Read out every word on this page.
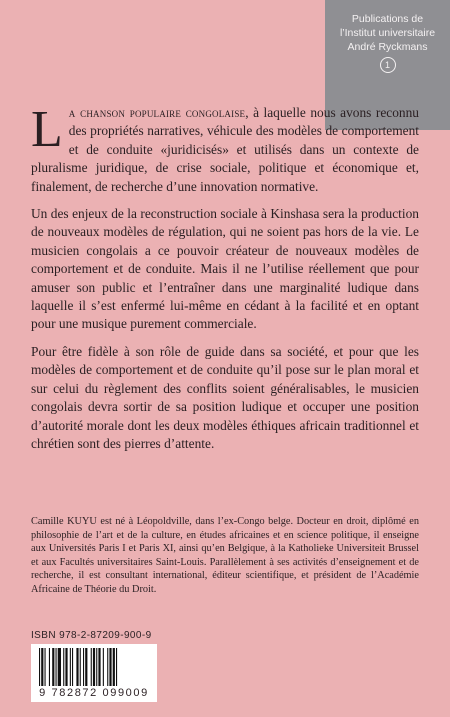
Publications de
l’Institut universitaire
André Ryckmans
1

La chanson populaire congolaise, à laquelle nous avons reconnu des propriétés narratives, véhicule des modèles de comportement et de conduite «juridicisés» et utilisés dans un contexte de pluralisme juridique, de crise sociale, politique et économique et, finalement, de recherche d’une innovation normative.

Un des enjeux de la reconstruction sociale à Kinshasa sera la production de nouveaux modèles de régulation, qui ne soient pas hors de la vie. Le musicien congolais a ce pouvoir créateur de nouveaux modèles de comportement et de conduite. Mais il ne l’utilise réellement que pour amuser son public et l’entraîner dans une marginalité ludique dans laquelle il s’est enfermé lui-même en cédant à la facilité et en optant pour une musique purement commerciale.

Pour être fidèle à son rôle de guide dans sa société, et pour que les modèles de comportement et de conduite qu’il pose sur le plan moral et sur celui du règlement des conflits soient généralisables, le musicien congolais devra sortir de sa position ludique et occuper une position d’autorité morale dont les deux modèles éthiques africain traditionnel et chrétien sont des pierres d’attente.

Camille KUYU est né à Léopoldville, dans l’ex-Congo belge. Docteur en droit, diplômé en philosophie de l’art et de la culture, en études africaines et en science politique, il enseigne aux Universités Paris I et Paris XI, ainsi qu’en Belgique, à la Katholieke Universiteit Brussel et aux Facultés universitaires Saint-Louis. Parallèlement à ses activités d’enseignement et de recherche, il est consultant international, éditeur scientifique, et président de l’Académie Africaine de Théorie du Droit.
ISBN 978-2-87209-900-9
9 782872 099009
